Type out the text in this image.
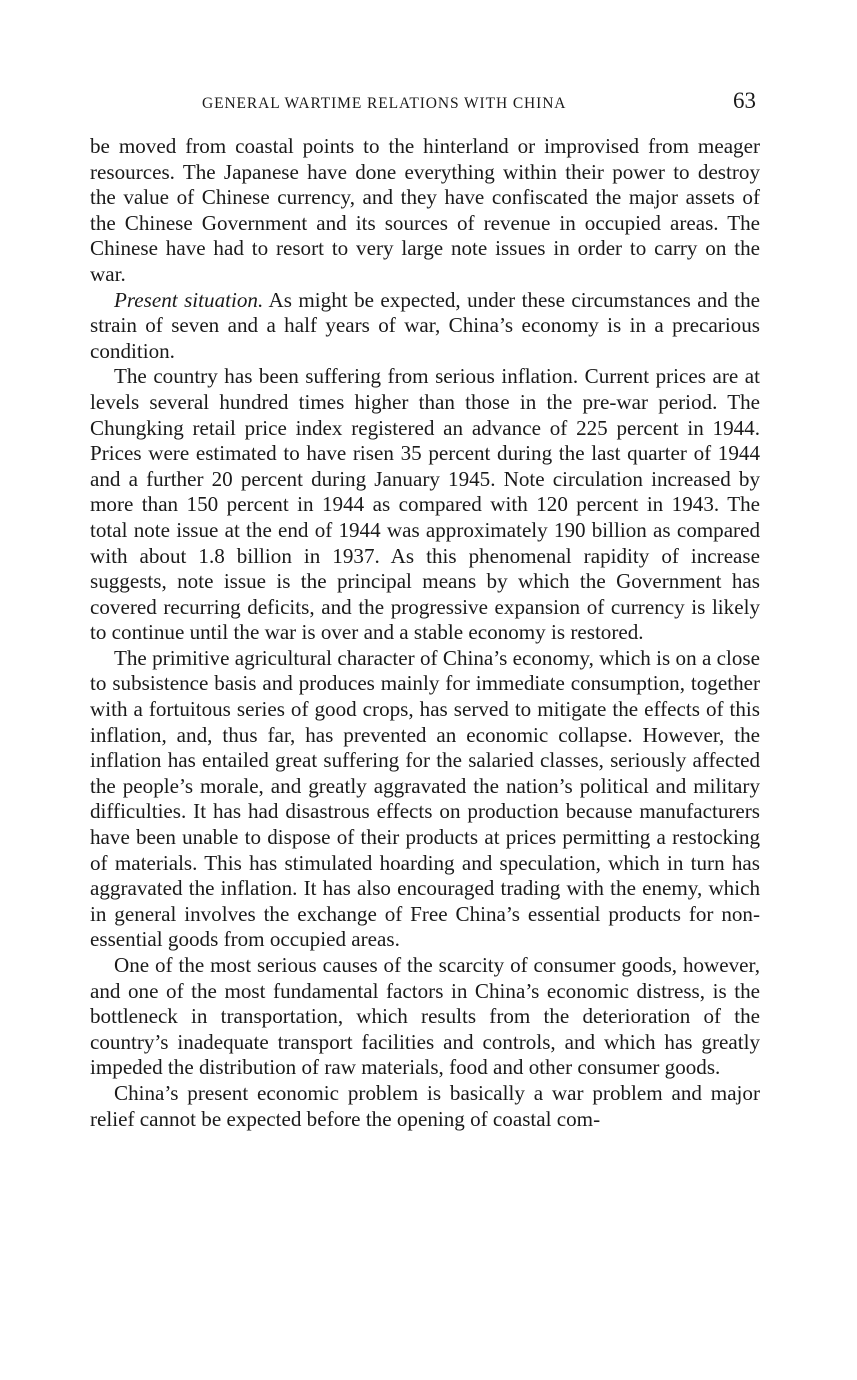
GENERAL WARTIME RELATIONS WITH CHINA	63

be moved from coastal points to the hinterland or improvised from meager resources. The Japanese have done everything within their power to destroy the value of Chinese currency, and they have confiscated the major assets of the Chinese Government and its sources of revenue in occupied areas. The Chinese have had to resort to very large note issues in order to carry on the war.

Present situation. As might be expected, under these circumstances and the strain of seven and a half years of war, China’s economy is in a precarious condition.

The country has been suffering from serious inflation. Current prices are at levels several hundred times higher than those in the pre-war period. The Chungking retail price index registered an advance of 225 percent in 1944. Prices were estimated to have risen 35 percent during the last quarter of 1944 and a further 20 percent during January 1945. Note circulation increased by more than 150 percent in 1944 as compared with 120 percent in 1943. The total note issue at the end of 1944 was approximately 190 billion as compared with about 1.8 billion in 1937. As this phenomenal rapidity of increase suggests, note issue is the principal means by which the Government has covered recurring deficits, and the progressive expansion of currency is likely to continue until the war is over and a stable economy is restored.

The primitive agricultural character of China’s economy, which is on a close to subsistence basis and produces mainly for immediate consumption, together with a fortuitous series of good crops, has served to mitigate the effects of this inflation, and, thus far, has prevented an economic collapse. However, the inflation has entailed great suffering for the salaried classes, seriously affected the people’s morale, and greatly aggravated the nation’s political and military difficulties. It has had disastrous effects on production because manufacturers have been unable to dispose of their products at prices permitting a restocking of materials. This has stimulated hoarding and speculation, which in turn has aggravated the inflation. It has also encouraged trading with the enemy, which in general involves the exchange of Free China’s essential products for non-essential goods from occupied areas.

One of the most serious causes of the scarcity of consumer goods, however, and one of the most fundamental factors in China’s economic distress, is the bottleneck in transportation, which results from the deterioration of the country’s inadequate transport facilities and controls, and which has greatly impeded the distribution of raw materials, food and other consumer goods.

China’s present economic problem is basically a war problem and major relief cannot be expected before the opening of coastal com-
